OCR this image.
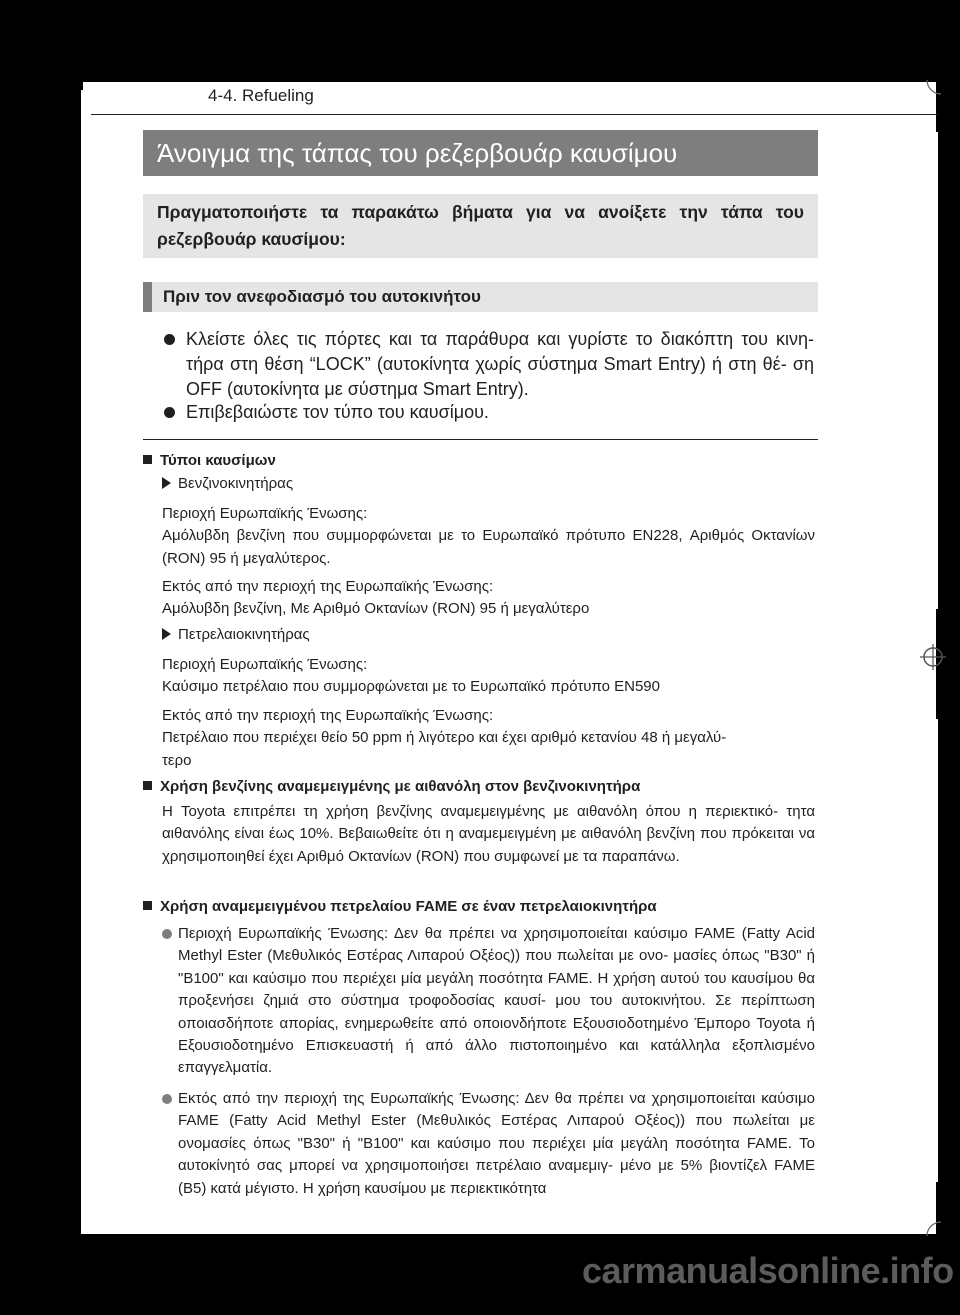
4-4. Refueling
Άνοιγμα της τάπας του ρεζερβουάρ καυσίμου
Πραγματοποιήστε τα παρακάτω βήματα για να ανοίξετε την τάπα του ρεζερβουάρ καυσίμου:
Πριν τον ανεφοδιασμό του αυτοκινήτου
Κλείστε όλες τις πόρτες και τα παράθυρα και γυρίστε το διακόπτη του κινη- τήρα στη θέση “LOCK” (αυτοκίνητα χωρίς σύστημα Smart Entry) ή στη θέ- ση OFF (αυτοκίνητα με σύστημα Smart Entry).
Επιβεβαιώστε τον τύπο του καυσίμου.
Τύποι καυσίμων
Βενζινοκινητήρας
Περιοχή Ευρωπαϊκής Ένωσης:
Αμόλυβδη βενζίνη που συμμορφώνεται με το Ευρωπαϊκό πρότυπο EN228, Αριθμός Οκτανίων (RON) 95 ή μεγαλύτερος.
Εκτός από την περιοχή της Ευρωπαϊκής Ένωσης:
Αμόλυβδη βενζίνη, Με Αριθμό Οκτανίων (RON) 95 ή μεγαλύτερο
Πετρελαιοκινητήρας
Περιοχή Ευρωπαϊκής Ένωσης:
Καύσιμο πετρέλαιο που συμμορφώνεται με το Ευρωπαϊκό πρότυπο EN590
Εκτός από την περιοχή της Ευρωπαϊκής Ένωσης:
Πετρέλαιο που περιέχει θείο 50 ppm ή λιγότερο και έχει αριθμό κετανίου 48 ή μεγαλύ-
τερο
Χρήση βενζίνης αναμεμειγμένης με αιθανόλη στον βενζινοκινητήρα
Η Toyota επιτρέπει τη χρήση βενζίνης αναμεμειγμένης με αιθανόλη όπου η περιεκτικό- τητα αιθανόλης είναι έως 10%. Βεβαιωθείτε ότι η αναμεμειγμένη με αιθανόλη βενζίνη που πρόκειται να χρησιμοποιηθεί έχει Αριθμό Οκτανίων (RON) που συμφωνεί με τα παραπάνω.
Χρήση αναμεμειγμένου πετρελαίου FAME σε έναν πετρελαιοκινητήρα
Περιοχή Ευρωπαϊκής Ένωσης: Δεν θα πρέπει να χρησιμοποιείται καύσιμο FAME (Fatty Acid Methyl Ester (Μεθυλικός Εστέρας Λιπαρού Οξέος)) που πωλείται με ονο- μασίες όπως "B30" ή "B100" και καύσιμο που περιέχει μία μεγάλη ποσότητα FAME. Η χρήση αυτού του καυσίμου θα προξενήσει ζημιά στο σύστημα τροφοδοσίας καυσί- μου του αυτοκινήτου. Σε περίπτωση οποιασδήποτε απορίας, ενημερωθείτε από οποιονδήποτε Εξουσιοδοτημένο Έμπορο Toyota ή Εξουσιοδοτημένο Επισκευαστή ή από άλλο πιστοποιημένο και κατάλληλα εξοπλισμένο επαγγελματία.
Εκτός από την περιοχή της Ευρωπαϊκής Ένωσης: Δεν θα πρέπει να χρησιμοποιείται καύσιμο FAME (Fatty Acid Methyl Ester (Μεθυλικός Εστέρας Λιπαρού Οξέος)) που πωλείται με ονομασίες όπως "B30" ή "B100" και καύσιμο που περιέχει μία μεγάλη ποσότητα FAME. Το αυτοκίνητό σας μπορεί να χρησιμοποιήσει πετρέλαιο αναμεμιγ- μένο με 5% βιοντίζελ FAME (B5) κατά μέγιστο. Η χρήση καυσίμου με περιεκτικότητα
carmanualsonline.info
